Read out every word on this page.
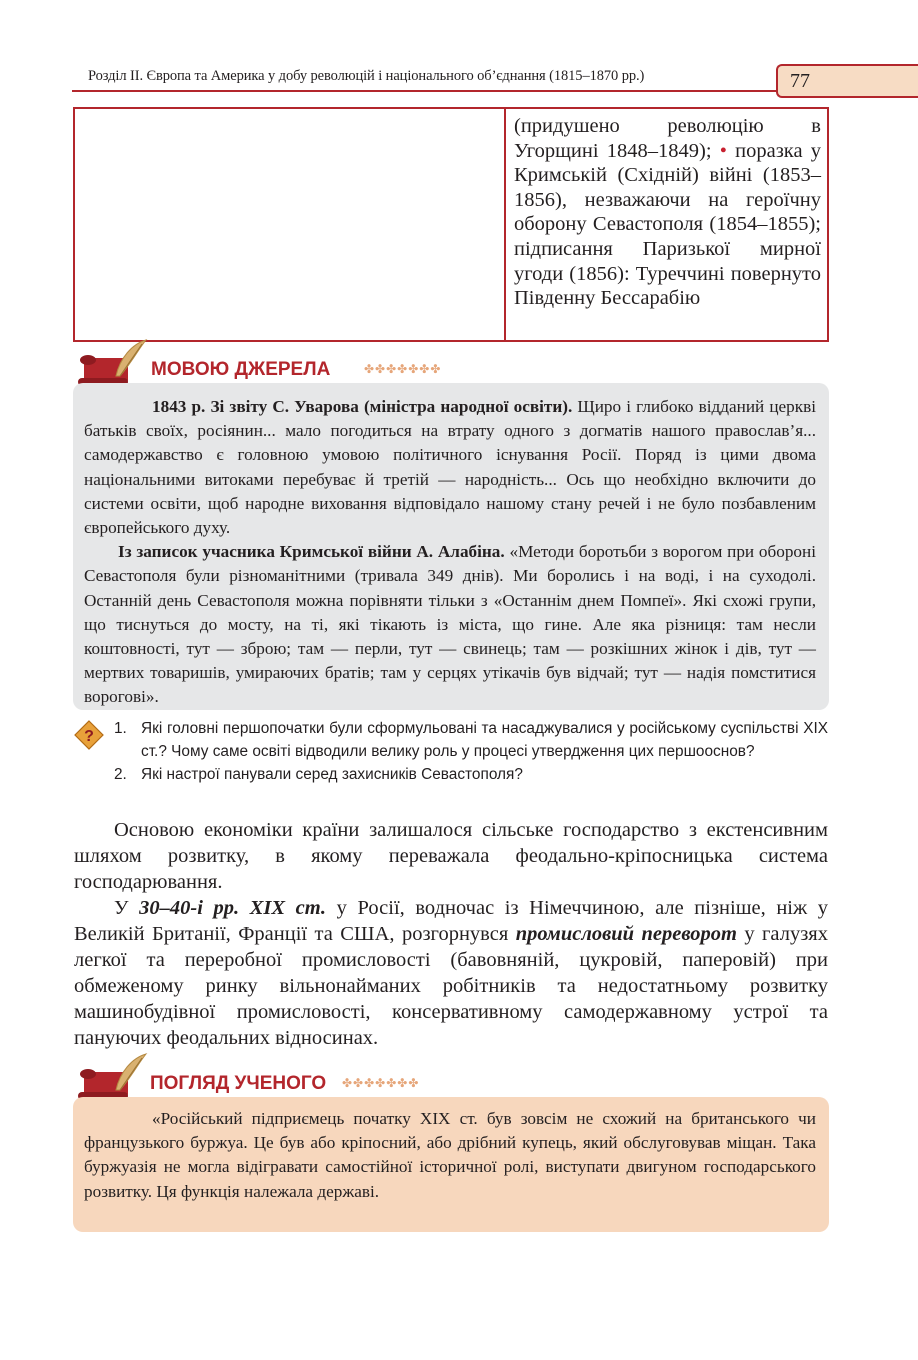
Розділ ІІ. Європа та Америка у добу революцій і національного об’єднання (1815–1870 рр.)	77

(придушено революцію в Угорщині 1848–1849); • поразка у Кримській (Східній) війні (1853–1856), незважаючи на героїчну оборону Севастополя (1854–1855); підписання Паризької мирної угоди (1856): Туреччині повернуто Південну Бессарабію

МОВОЮ ДЖЕРЕЛА	✤✤✤✤✤✤✤

1843 р. Зі звіту С. Уварова (міністра народної освіти). Щиро і глибоко відданий церкві батьків своїх, росіянин... мало погодиться на втрату одного з догматів нашого православ’я... самодержавство є головною умовою політичного існування Росії. Поряд із цими двома національними витоками перебуває й третій — народність... Ось що необхідно включити до системи освіти, щоб народне виховання відповідало нашому стану речей і не було позбавленим європейського духу.

Із записок учасника Кримської війни А. Алабіна. «Методи боротьби з ворогом при обороні Севастополя були різноманітними (тривала 349 днів). Ми боролись і на воді, і на суходолі. Останній день Севастополя можна порівняти тільки з «Останнім днем Помпеї». Які схожі групи, що тиснуться до мосту, на ті, які тікають із міста, що гине. Але яка різниця: там несли коштовності, тут — зброю; там — перли, тут — свинець; там — розкішних жінок і дів, тут — мертвих товаришів, умираючих братів; там у серцях утікачів був відчай; тут — надія помститися ворогові».

? 1. Які головні першопочатки були сформульовані та насаджувалися у російському суспільстві XIX ст.? Чому саме освіті відводили велику роль у процесі утвердження цих першооснов?
2. Які настрої панували серед захисників Севастополя?

Основою економіки країни залишалося сільське господарство з екстенсивним шляхом розвитку, в якому переважала феодально-кріпосницька система господарювання.

У 30–40-і рр. XIX ст. у Росії, водночас із Німеччиною, але пізніше, ніж у Великій Британії, Франції та США, розгорнувся промисловий переворот у галузях легкої та переробної промисловості (бавовняній, цукровій, паперовій) при обмеженому ринку вільнонайманих робітників та недостатньому розвитку машинобудівної промисловості, консервативному самодержавному устрої та пануючих феодальних відносинах.

ПОГЛЯД УЧЕНОГО ✤✤✤✤✤✤✤

«Російський підприємець початку XIX ст. був зовсім не схожий на британського чи французького буржуа. Це був або кріпосний, або дрібний купець, який обслуговував міщан. Така буржуазія не могла відігравати самостійної історичної ролі, виступати двигуном господарського розвитку. Ця функція належала державі.
